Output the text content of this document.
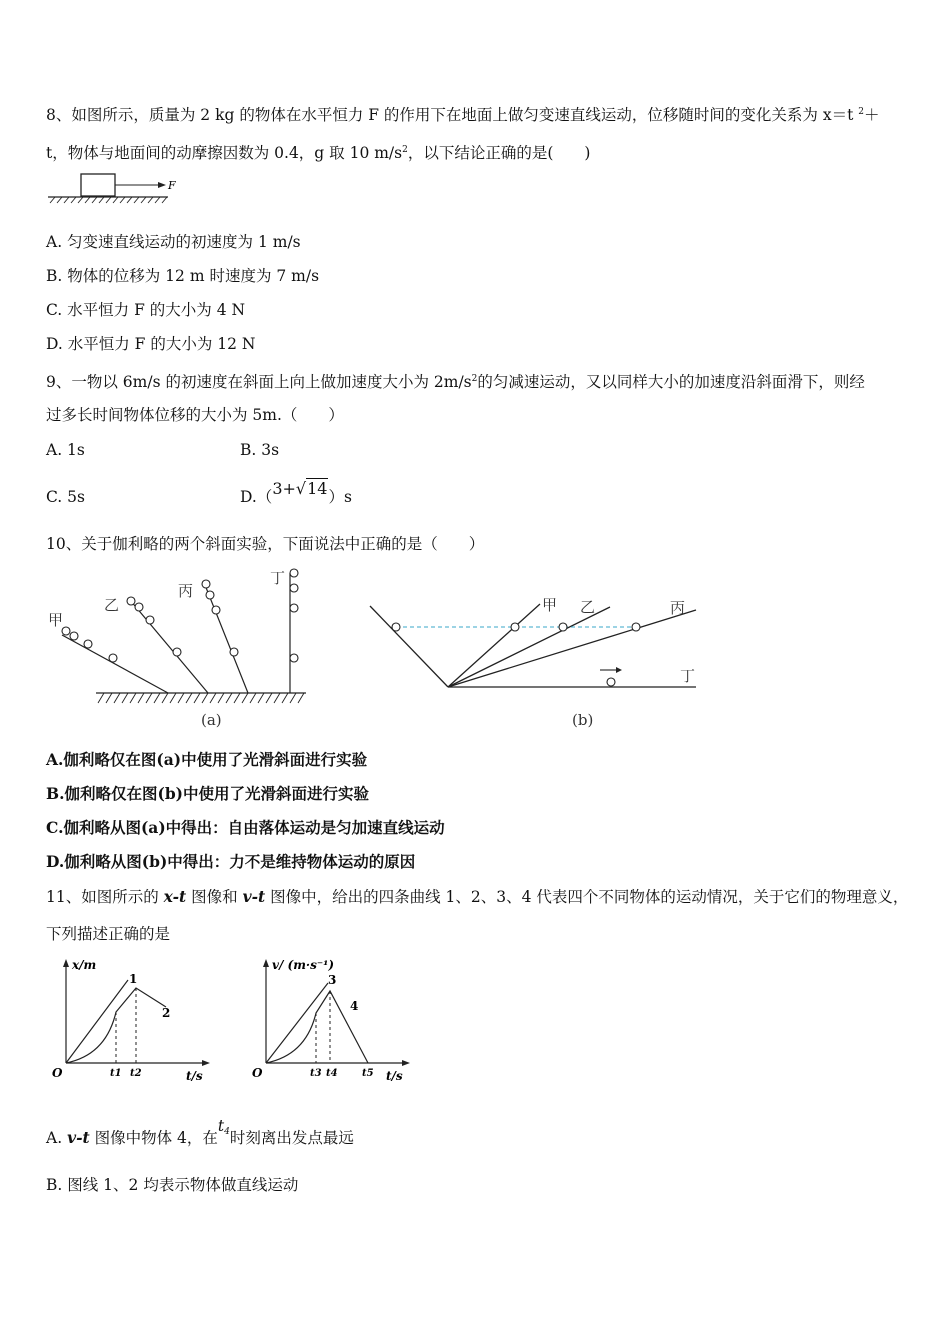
8、如图所示，质量为 2 kg 的物体在水平恒力 F 的作用下在地面上做匀变速直线运动，位移随时间的变化关系为 x＝t $^2$＋
t，物体与地面间的动摩擦因数为 0.4，g 取 10 $m/s^2$，以下结论正确的是(　　)
F
A. 匀变速直线运动的初速度为 1 m/s
B. 物体的位移为 12 m 时速度为 7 m/s
C. 水平恒力 F 的大小为 4 N
D. 水平恒力 F 的大小为 12 N
9、一物以 6m/s 的初速度在斜面上向上做加速度大小为 $2m/s^2$的匀减速运动，又以同样大小的加速度沿斜面滑下，则经
过多长时间物体位移的大小为 5m.（　　）
A. 1s	B. 3s
C. 5s	D.（3+√14）s
10、关于伽利略的两个斜面实验，下面说法中正确的是（　　）
甲
乙
丙
丁
(a)
甲 乙	丙
丁
(b)
A.伽利略仅在图(a)中使用了光滑斜面进行实验
B.伽利略仅在图(b)中使用了光滑斜面进行实验
C.伽利略从图(a)中得出：自由落体运动是匀加速直线运动
D.伽利略从图(b)中得出：力不是维持物体运动的原因
11、如图所示的 x-t 图像和 v-t 图像中，给出的四条曲线 1、2、3、4 代表四个不同物体的运动情况，关于它们的物理意义，
下列描述正确的是
x/m
t/s
O	t1 t2
1
2
v/ (m·s⁻¹)
t/s
O	t3 t4 t5
3
4
A. v-t 图像中物体 4，在$t_4$时刻离出发点最远
B. 图线 1、2 均表示物体做直线运动
